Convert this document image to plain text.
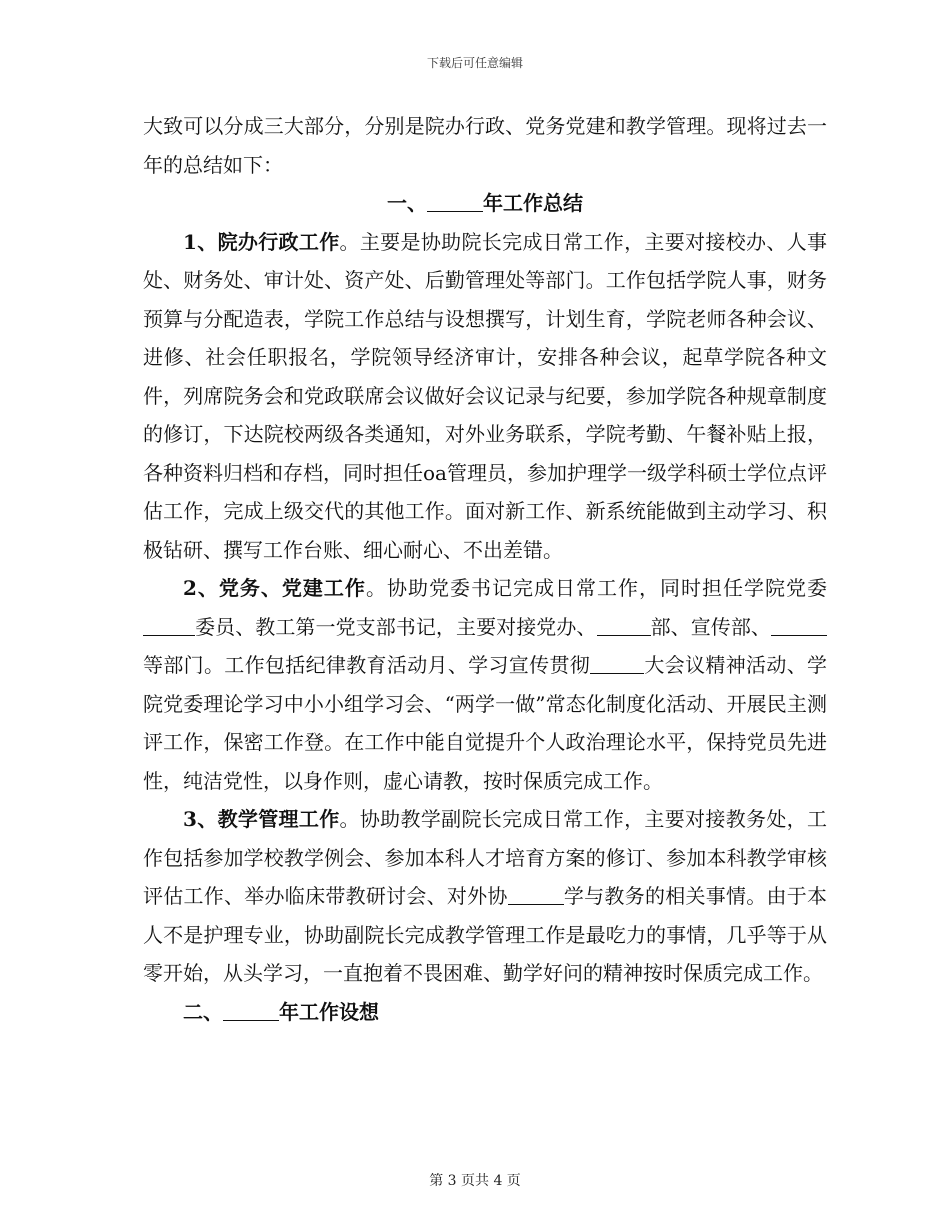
下载后可任意编辑

大致可以分成三大部分，分别是院办行政、党务党建和教学管理。现将过去一年的总结如下：

一、	年工作总结

1、院办行政工作。主要是协助院长完成日常工作，主要对接校办、人事处、财务处、审计处、资产处、后勤管理处等部门。工作包括学院人事，财务预算与分配造表，学院工作总结与设想撰写，计划生育，学院老师各种会议、进修、社会任职报名，学院领导经济审计，安排各种会议，起草学院各种文件，列席院务会和党政联席会议做好会议记录与纪要，参加学院各种规章制度的修订，下达院校两级各类通知，对外业务联系，学院考勤、午餐补贴上报，各种资料归档和存档，同时担任oa管理员，参加护理学一级学科硕士学位点评估工作，完成上级交代的其他工作。面对新工作、新系统能做到主动学习、积极钻研、撰写工作台账、细心耐心、不出差错。

2、党务、党建工作。协助党委书记完成日常工作，同时担任学院党委委员、教工第一党支部书记，主要对接党办、	部、宣传部、等部门。工作包括纪律教育活动月、学习宣传贯彻	大会议精神活动、学院党委理论学习中小小组学习会、“两学一做”常态化制度化活动、开展民主测评工作，保密工作登。在工作中能自觉提升个人政治理论水平，保持党员先进性，纯洁党性，以身作则，虚心请教，按时保质完成工作。

3、教学管理工作。协助教学副院长完成日常工作，主要对接教务处，工作包括参加学校教学例会、参加本科人才培育方案的修订、参加本科教学审核评估工作、举办临床带教研讨会、对外协	学与教务的相关事情。由于本人不是护理专业，协助副院长完成教学管理工作是最吃力的事情，几乎等于从零开始，从头学习，一直抱着不畏困难、勤学好问的精神按时保质完成工作。

二、	年工作设想

第 3 页共 4 页
